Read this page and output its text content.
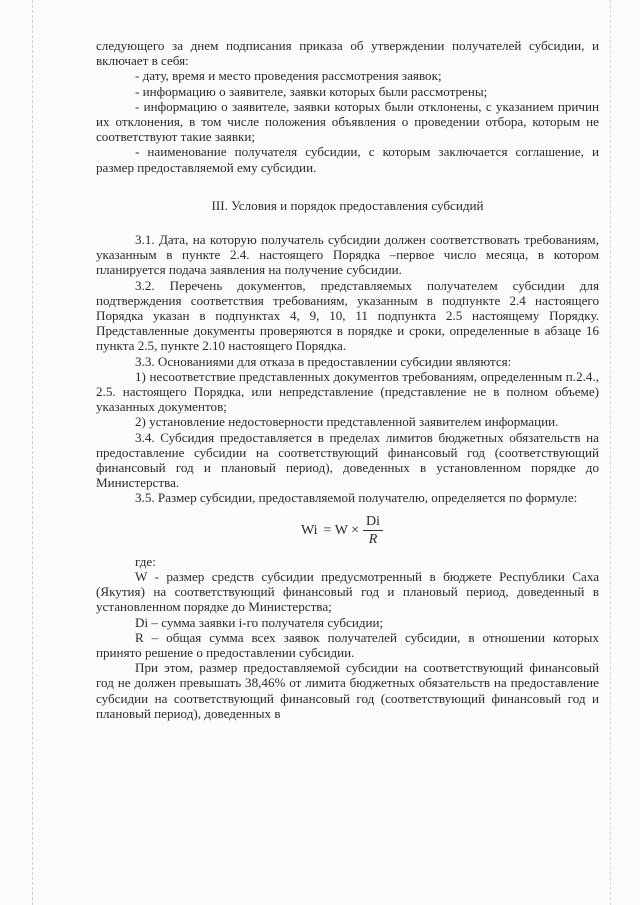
следующего за днем подписания приказа об утверждении получателей субсидии, и включает в себя:

- дату, время и место проведения рассмотрения заявок;

- информацию о заявителе, заявки которых были рассмотрены;

- информацию о заявителе, заявки которых были отклонены, с указанием причин их отклонения, в том числе положения объявления о проведении отбора, которым не соответствуют такие заявки;

- наименование получателя субсидии, с которым заключается соглашение, и размер предоставляемой ему субсидии.

III. Условия и порядок предоставления субсидий

3.1. Дата, на которую получатель субсидии должен соответствовать требованиям, указанным в пункте 2.4. настоящего Порядка –первое число месяца, в котором планируется подача заявления на получение субсидии.

3.2. Перечень документов, представляемых получателем субсидии для подтверждения соответствия требованиям, указанным в подпункте 2.4 настоящего Порядка указан в подпунктах 4, 9, 10, 11 подпункта 2.5 настоящему Порядку. Представленные документы проверяются в порядке и сроки, определенные в абзаце 16 пункта 2.5, пункте 2.10 настоящего Порядка.

3.3. Основаниями для отказа в предоставлении субсидии являются:

1) несоответствие представленных документов требованиям, определенным п.2.4., 2.5. настоящего Порядка, или непредставление (представление не в полном объеме) указанных документов;

2) установление недостоверности представленной заявителем информации.

3.4. Субсидия предоставляется в пределах лимитов бюджетных обязательств на предоставление субсидии на соответствующий финансовый год (соответствующий финансовый год и плановый период), доведенных в установленном порядке до Министерства.

3.5. Размер субсидии, предоставляемой получателю, определяется по формуле:

$Wi = W \times \frac{Di}{R}$

где:

W - размер средств субсидии предусмотренный в бюджете Республики Саха (Якутия) на соответствующий финансовый год и плановый период, доведенный в установленном порядке до Министерства;

Di – сумма заявки i-го получателя субсидии;

R – общая сумма всех заявок получателей субсидии, в отношении которых принято решение о предоставлении субсидии.

При этом, размер предоставляемой субсидии на соответствующий финансовый год не должен превышать 38,46% от лимита бюджетных обязательств на предоставление субсидии на соответствующий финансовый год (соответствующий финансовый год и плановый период), доведенных в
